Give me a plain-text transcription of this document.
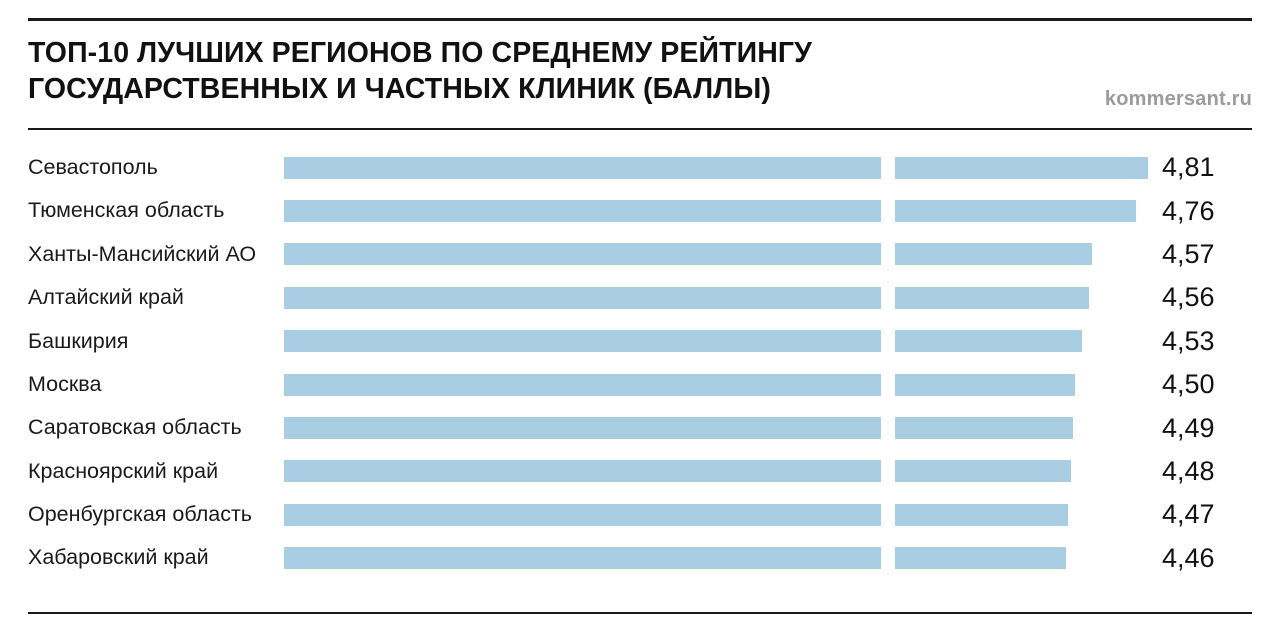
ТОП-10 ЛУЧШИХ РЕГИОНОВ ПО СРЕДНЕМУ РЕЙТИНГУ ГОСУДАРСТВЕННЫХ И ЧАСТНЫХ КЛИНИК (БАЛЛЫ)	kommersant.ru
Севастополь	4,81
Тюменская область	4,76
Ханты-Мансийский АО	4,57
Алтайский край	4,56
Башкирия	4,53
Москва	4,50
Саратовская область	4,49
Красноярский край	4,48
Оренбургская область	4,47
Хабаровский край	4,46
